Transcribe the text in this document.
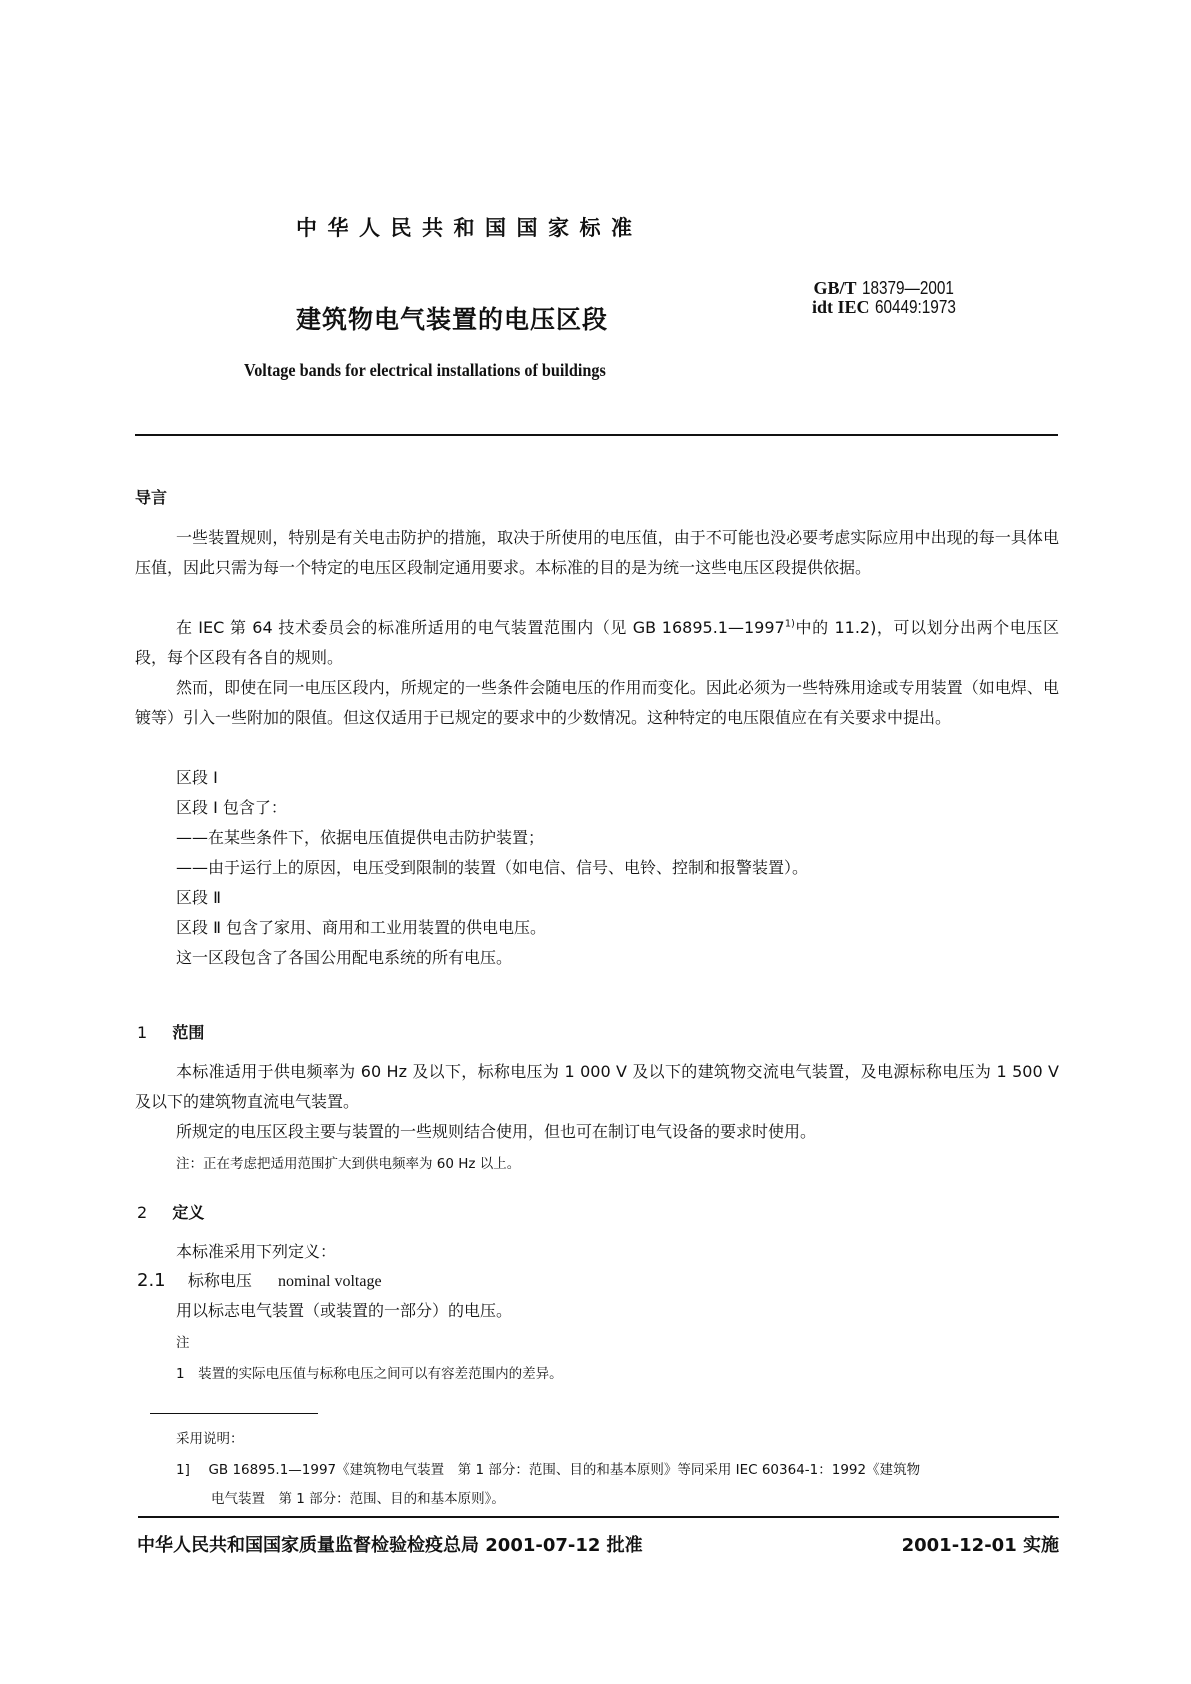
中华人民共和国国家标准
建筑物电气装置的电压区段
GB/T 18379—2001
idt IEC 60449:1973
Voltage bands for electrical installations of buildings
导言
一些装置规则，特别是有关电击防护的措施，取决于所使用的电压值，由于不可能也没必要考虑实际应用中出现的每一具体电压值，因此只需为每一个特定的电压区段制定通用要求。本标准的目的是为统一这些电压区段提供依据。
在 IEC 第 64 技术委员会的标准所适用的电气装置范围内（见 GB 16895.1—1997$^{1)}$中的 11.2)，可以划分出两个电压区段，每个区段有各自的规则。
然而，即使在同一电压区段内，所规定的一些条件会随电压的作用而变化。因此必须为一些特殊用途或专用装置（如电焊、电镀等）引入一些附加的限值。但这仅适用于已规定的要求中的少数情况。这种特定的电压限值应在有关要求中提出。
区段 I
区段 I 包含了：
——在某些条件下，依据电压值提供电击防护装置；
——由于运行上的原因，电压受到限制的装置（如电信、信号、电铃、控制和报警装置）。
区段 Ⅱ
区段 Ⅱ 包含了家用、商用和工业用装置的供电电压。
这一区段包含了各国公用配电系统的所有电压。
1 范围
本标准适用于供电频率为 60 Hz 及以下，标称电压为 1 000 V 及以下的建筑物交流电气装置，及电源标称电压为 1 500 V 及以下的建筑物直流电气装置。
所规定的电压区段主要与装置的一些规则结合使用，但也可在制订电气设备的要求时使用。
注：正在考虑把适用范围扩大到供电频率为 60 Hz 以上。
2 定义
本标准采用下列定义：
2.1 标称电压 nominal voltage
用以标志电气装置（或装置的一部分）的电压。
注
1　装置的实际电压值与标称电压之间可以有容差范围内的差异。
采用说明：
1] GB 16895.1—1997《建筑物电气装置　第 1 部分：范围、目的和基本原则》等同采用 IEC 60364-1：1992《建筑物
电气装置　第 1 部分：范围、目的和基本原则》。
中华人民共和国国家质量监督检验检疫总局 2001-07-12 批准	2001-12-01 实施
